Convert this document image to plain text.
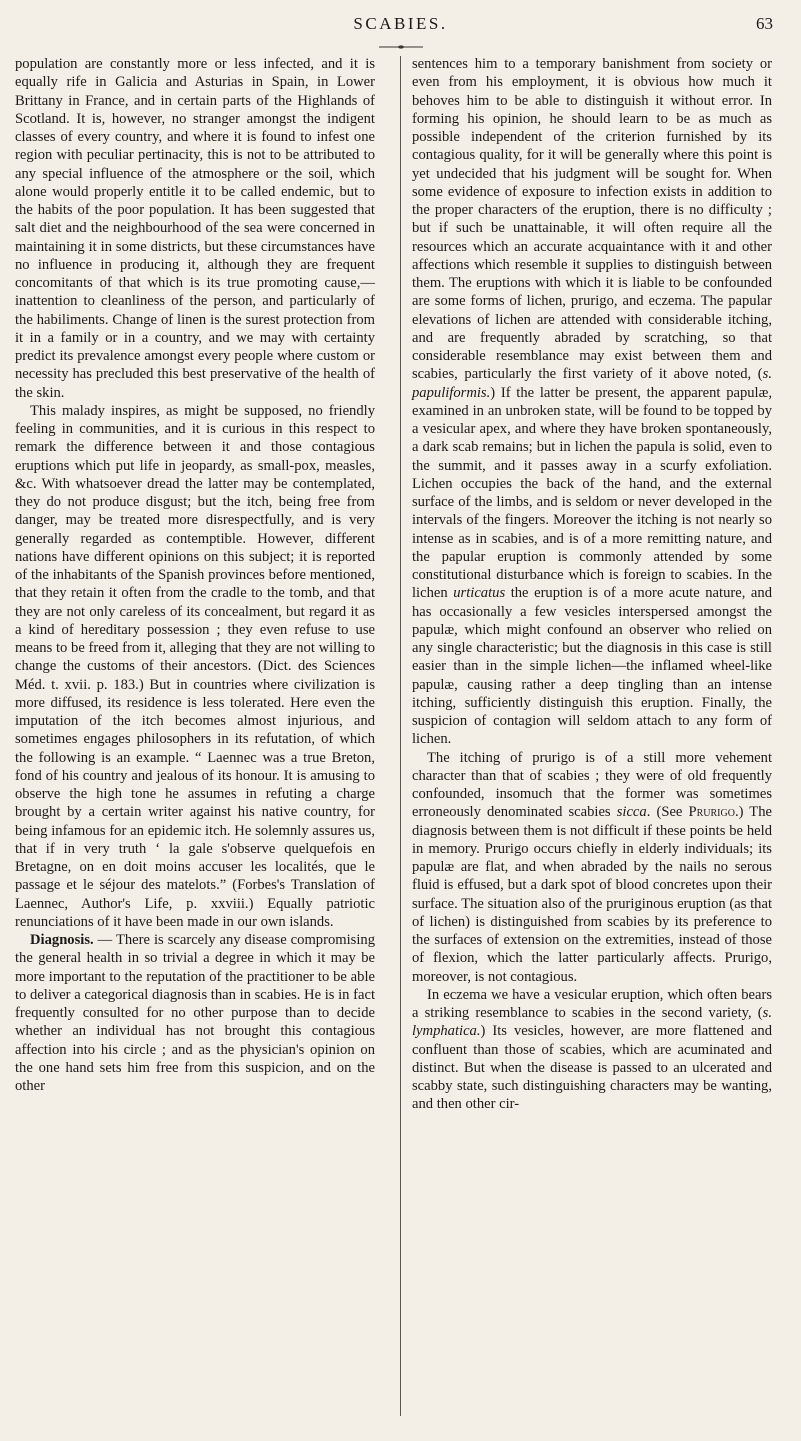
SCABIES.	63

population are constantly more or less infected, and it is equally rife in Galicia and Asturias in Spain, in Lower Brittany in France, and in certain parts of the Highlands of Scotland. It is, however, no stranger amongst the indigent classes of every country, and where it is found to infest one region with peculiar pertinacity, this is not to be attributed to any special influence of the atmosphere or the soil, which alone would properly entitle it to be called endemic, but to the habits of the poor population. It has been suggested that salt diet and the neighbourhood of the sea were concerned in maintaining it in some districts, but these circumstances have no influence in producing it, although they are frequent concomitants of that which is its true promoting cause,— inattention to cleanliness of the person, and particularly of the habiliments. Change of linen is the surest protection from it in a family or in a country, and we may with certainty predict its prevalence amongst every people where custom or necessity has precluded this best preservative of the health of the skin.

This malady inspires, as might be supposed, no friendly feeling in communities, and it is curious in this respect to remark the difference between it and those contagious eruptions which put life in jeopardy, as small-pox, measles, &c. With whatsoever dread the latter may be contemplated, they do not produce disgust; but the itch, being free from danger, may be treated more disrespectfully, and is very generally regarded as contemptible. However, different nations have different opinions on this subject; it is reported of the inhabitants of the Spanish provinces before mentioned, that they retain it often from the cradle to the tomb, and that they are not only careless of its concealment, but regard it as a kind of hereditary possession ; they even refuse to use means to be freed from it, alleging that they are not willing to change the customs of their ancestors. (Dict. des Sciences Méd. t. xvii. p. 183.) But in countries where civilization is more diffused, its residence is less tolerated. Here even the imputation of the itch becomes almost injurious, and sometimes engages philosophers in its refutation, of which the following is an example. “ Laennec was a true Breton, fond of his country and jealous of its honour. It is amusing to observe the high tone he assumes in refuting a charge brought by a certain writer against his native country, for being infamous for an epidemic itch. He solemnly assures us, that if in very truth ‘ la gale s'observe quelquefois en Bretagne, on en doit moins accuser les localités, que le passage et le séjour des matelots.” (Forbes's Translation of Laennec, Author's Life, p. xxviii.) Equally patriotic renunciations of it have been made in our own islands.

Diagnosis. — There is scarcely any disease compromising the general health in so trivial a degree in which it may be more important to the reputation of the practitioner to be able to deliver a categorical diagnosis than in scabies. He is in fact frequently consulted for no other purpose than to decide whether an individual has not brought this contagious affection into his circle ; and as the physician's opinion on the one hand sets him free from this suspicion, and on the other

sentences him to a temporary banishment from society or even from his employment, it is obvious how much it behoves him to be able to distinguish it without error. In forming his opinion, he should learn to be as much as possible independent of the criterion furnished by its contagious quality, for it will be generally where this point is yet undecided that his judgment will be sought for. When some evidence of exposure to infection exists in addition to the proper characters of the eruption, there is no difficulty ; but if such be unattainable, it will often require all the resources which an accurate acquaintance with it and other affections which resemble it supplies to distinguish between them. The eruptions with which it is liable to be confounded are some forms of lichen, prurigo, and eczema. The papular elevations of lichen are attended with considerable itching, and are frequently abraded by scratching, so that considerable resemblance may exist between them and scabies, particularly the first variety of it above noted, (s. papuliformis.) If the latter be present, the apparent papulæ, examined in an unbroken state, will be found to be topped by a vesicular apex, and where they have broken spontaneously, a dark scab remains; but in lichen the papula is solid, even to the summit, and it passes away in a scurfy exfoliation. Lichen occupies the back of the hand, and the external surface of the limbs, and is seldom or never developed in the intervals of the fingers. Moreover the itching is not nearly so intense as in scabies, and is of a more remitting nature, and the papular eruption is commonly attended by some constitutional disturbance which is foreign to scabies. In the lichen urticatus the eruption is of a more acute nature, and has occasionally a few vesicles interspersed amongst the papulæ, which might confound an observer who relied on any single characteristic; but the diagnosis in this case is still easier than in the simple lichen—the inflamed wheel-like papulæ, causing rather a deep tingling than an intense itching, sufficiently distinguish this eruption. Finally, the suspicion of contagion will seldom attach to any form of lichen.

The itching of prurigo is of a still more vehement character than that of scabies ; they were of old frequently confounded, insomuch that the former was sometimes erroneously denominated scabies sicca. (See Prurigo.) The diagnosis between them is not difficult if these points be held in memory. Prurigo occurs chiefly in elderly individuals; its papulæ are flat, and when abraded by the nails no serous fluid is effused, but a dark spot of blood concretes upon their surface. The situation also of the pruriginous eruption (as that of lichen) is distinguished from scabies by its preference to the surfaces of extension on the extremities, instead of those of flexion, which the latter particularly affects. Prurigo, moreover, is not contagious.

In eczema we have a vesicular eruption, which often bears a striking resemblance to scabies in the second variety, (s. lymphatica.) Its vesicles, however, are more flattened and confluent than those of scabies, which are acuminated and distinct. But when the disease is passed to an ulcerated and scabby state, such distinguishing characters may be wanting, and then other cir-
